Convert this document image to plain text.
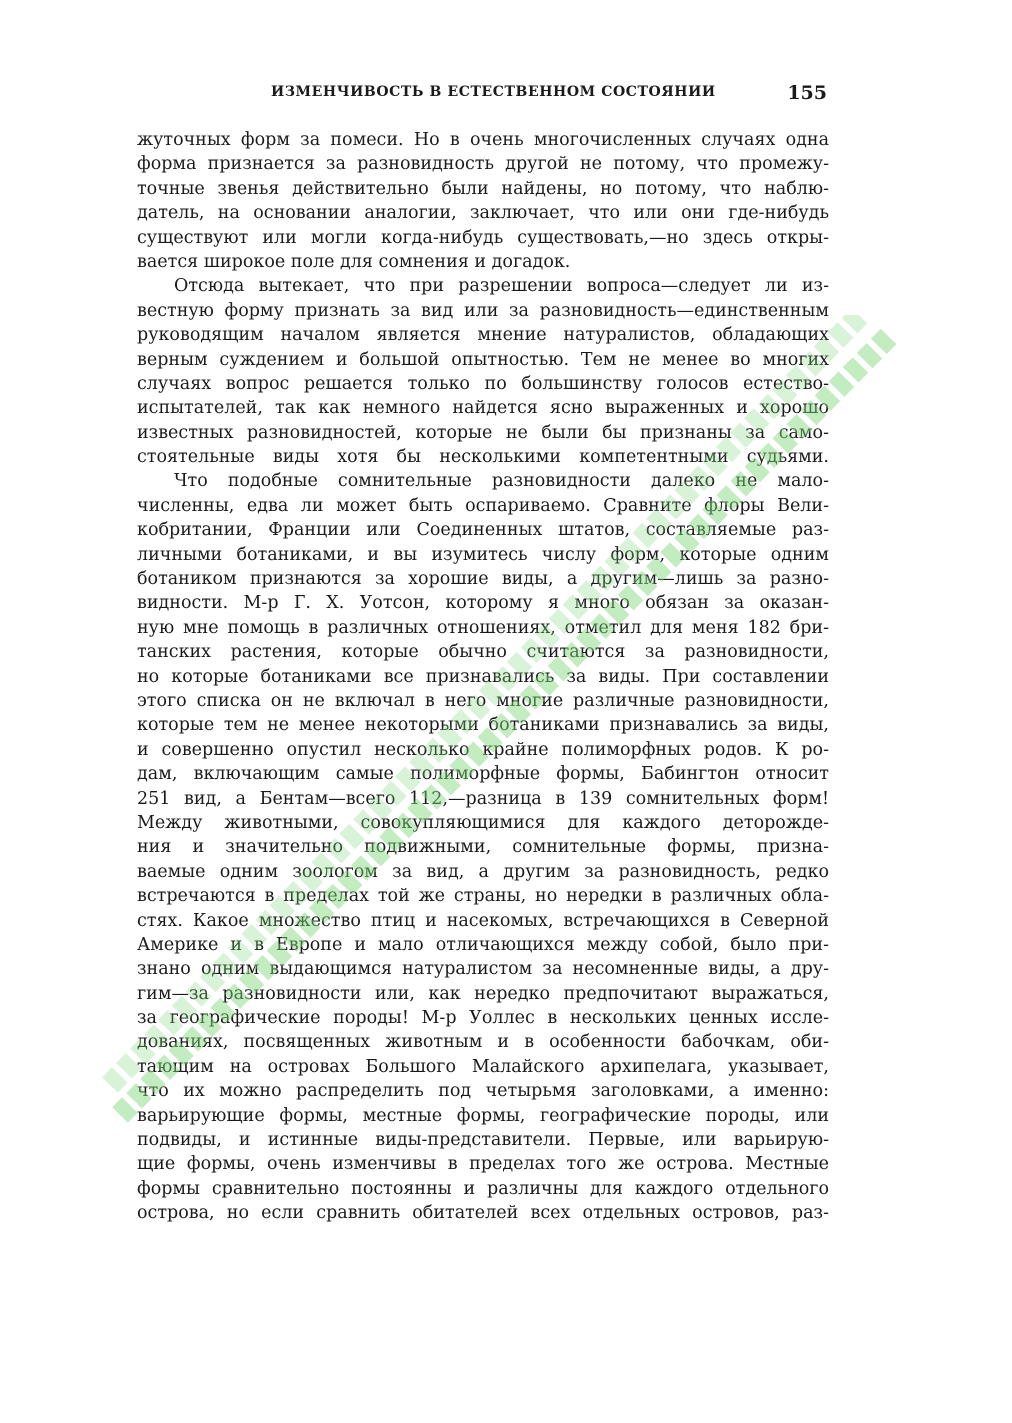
ИЗМЕНЧИВОСТЬ В ЕСТЕСТВЕННОМ СОСТОЯНИИ	155
жуточных форм за помеси. Но в очень многочисленных случаях одна
форма признается за разновидность другой не потому, что промежу-
точные звенья действительно были найдены, но потому, что наблю-
датель, на основании аналогии, заключает, что или они где-нибудь
существуют или могли когда-нибудь существовать,—но здесь откры-
вается широкое поле для сомнения и догадок.
Отсюда вытекает, что при разрешении вопроса—следует ли из-
вестную форму признать за вид или за разновидность—единственным
руководящим началом является мнение натуралистов, обладающих
верным суждением и большой опытностью. Тем не менее во многих
случаях вопрос решается только по большинству голосов естество-
испытателей, так как немного найдется ясно выраженных и хорошо
известных разновидностей, которые не были бы признаны за само-
стоятельные виды хотя бы несколькими компетентными судьями.
Что подобные сомнительные разновидности далеко не мало-
численны, едва ли может быть оспариваемо. Сравните флоры Вели-
кобритании, Франции или Соединенных штатов, составляемые раз-
личными ботаниками, и вы изумитесь числу форм, которые одним
ботаником признаются за хорошие виды, а другим—лишь за разно-
видности. М-р Г. Х. Уотсон, которому я много обязан за оказан-
ную мне помощь в различных отношениях, отметил для меня 182 бри-
танских растения, которые обычно считаются за разновидности,
но которые ботаниками все признавались за виды. При составлении
этого списка он не включал в него многие различные разновидности,
которые тем не менее некоторыми ботаниками признавались за виды,
и совершенно опустил несколько крайне полиморфных родов. К ро-
дам, включающим самые полиморфные формы, Бабингтон относит
251 вид, а Бентам—всего 112,—разница в 139 сомнительных форм!
Между животными, совокупляющимися для каждого деторожде-
ния и значительно подвижными, сомнительные формы, призна-
ваемые одним зоологом за вид, а другим за разновидность, редко
встречаются в пределах той же страны, но нередки в различных обла-
стях. Какое множество птиц и насекомых, встречающихся в Северной
Америке и в Европе и мало отличающихся между собой, было при-
знано одним выдающимся натуралистом за несомненные виды, а дру-
гим—за разновидности или, как нередко предпочитают выражаться,
за географические породы! М-р Уоллес в нескольких ценных иссле-
дованиях, посвященных животным и в особенности бабочкам, оби-
тающим на островах Большого Малайского архипелага, указывает,
что их можно распределить под четырьмя заголовками, а именно:
варьирующие формы, местные формы, географические породы, или
подвиды, и истинные виды-представители. Первые, или варьирую-
щие формы, очень изменчивы в пределах того же острова. Местные
формы сравнительно постоянны и различны для каждого отдельного
острова, но если сравнить обитателей всех отдельных островов, раз-
